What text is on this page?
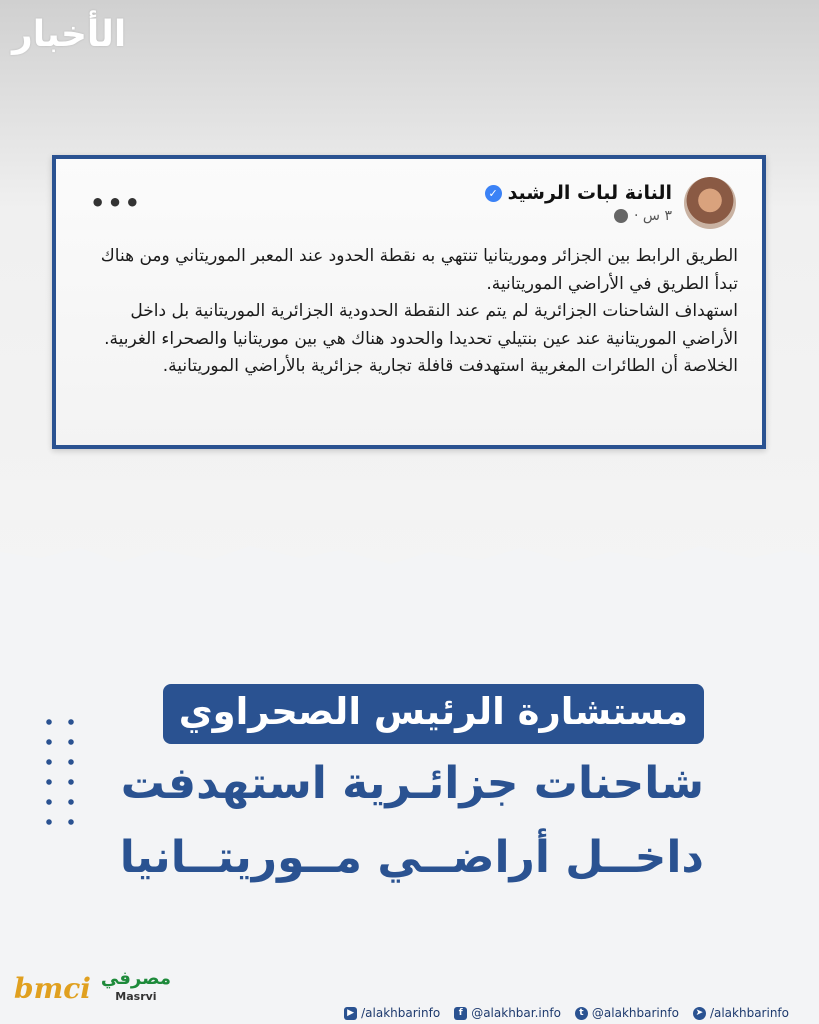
الأخبار
النانة لبات الرشيد
✓
٣ س ·
•••

الطريق الرابط بين الجزائر وموريتانيا تنتهي به نقطة الحدود عند المعبر الموريتاني ومن هناك تبدأ الطريق في الأراضي الموريتانية.

استهداف الشاحنات الجزائرية لم يتم عند النقطة الحدودية الجزائرية الموريتانية بل داخل الأراضي الموريتانية عند عين بنتيلي تحديدا والحدود هناك هي بين موريتانيا والصحراء الغربية.

الخلاصة أن الطائرات المغربية استهدفت قافلة تجارية جزائرية بالأراضي الموريتانية.

مستشارة الرئيس الصحراوي
شاحنات جزائـرية استهدفت
داخــل أراضــي مــوريتــانيا
bmci مصرفي
Masrvi
▶ /alakhbarinfo	f @alakhbar.info	t @alakhbarinfo	➤ /alakhbarinfo
